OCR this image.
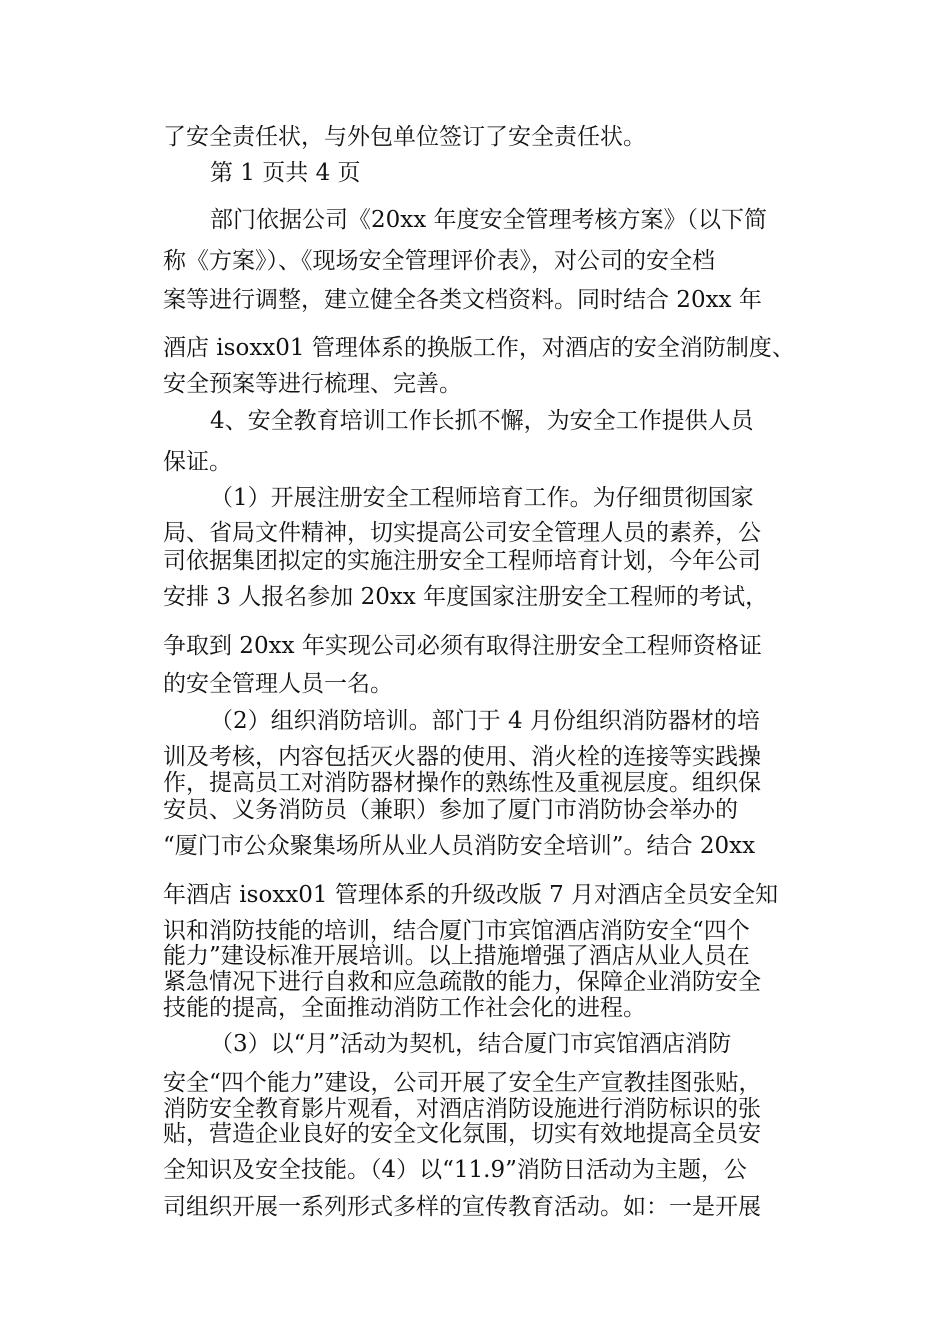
了安全责任状，与外包单位签订了安全责任状。
第 1 页共 4 页
部门依据公司《20xx 年度安全管理考核方案》（以下简
称《方案》）、《现场安全管理评价表》，对公司的安全档
案等进行调整，建立健全各类文档资料。同时结合 20xx 年
酒店 isoxx01 管理体系的换版工作，对酒店的安全消防制度、
安全预案等进行梳理、完善。
4、安全教育培训工作长抓不懈，为安全工作提供人员
保证。
（1）开展注册安全工程师培育工作。为仔细贯彻国家
局、省局文件精神，切实提高公司安全管理人员的素养，公
司依据集团拟定的实施注册安全工程师培育计划，今年公司
安排 3 人报名参加 20xx 年度国家注册安全工程师的考试，
争取到 20xx 年实现公司必须有取得注册安全工程师资格证
的安全管理人员一名。
（2）组织消防培训。部门于 4 月份组织消防器材的培
训及考核，内容包括灭火器的使用、消火栓的连接等实践操
作，提高员工对消防器材操作的熟练性及重视层度。组织保
安员、义务消防员（兼职）参加了厦门市消防协会举办的
“厦门市公众聚集场所从业人员消防安全培训”。结合 20xx
年酒店 isoxx01 管理体系的升级改版 7 月对酒店全员安全知
识和消防技能的培训，结合厦门市宾馆酒店消防安全“四个
能力”建设标准开展培训。以上措施增强了酒店从业人员在
紧急情况下进行自救和应急疏散的能力，保障企业消防安全
技能的提高，全面推动消防工作社会化的进程。
（3）以“月”活动为契机，结合厦门市宾馆酒店消防
安全“四个能力”建设，公司开展了安全生产宣教挂图张贴，
消防安全教育影片观看，对酒店消防设施进行消防标识的张
贴，营造企业良好的安全文化氛围，切实有效地提高全员安
全知识及安全技能。（4）以“11.9”消防日活动为主题，公
司组织开展一系列形式多样的宣传教育活动。如：一是开展
